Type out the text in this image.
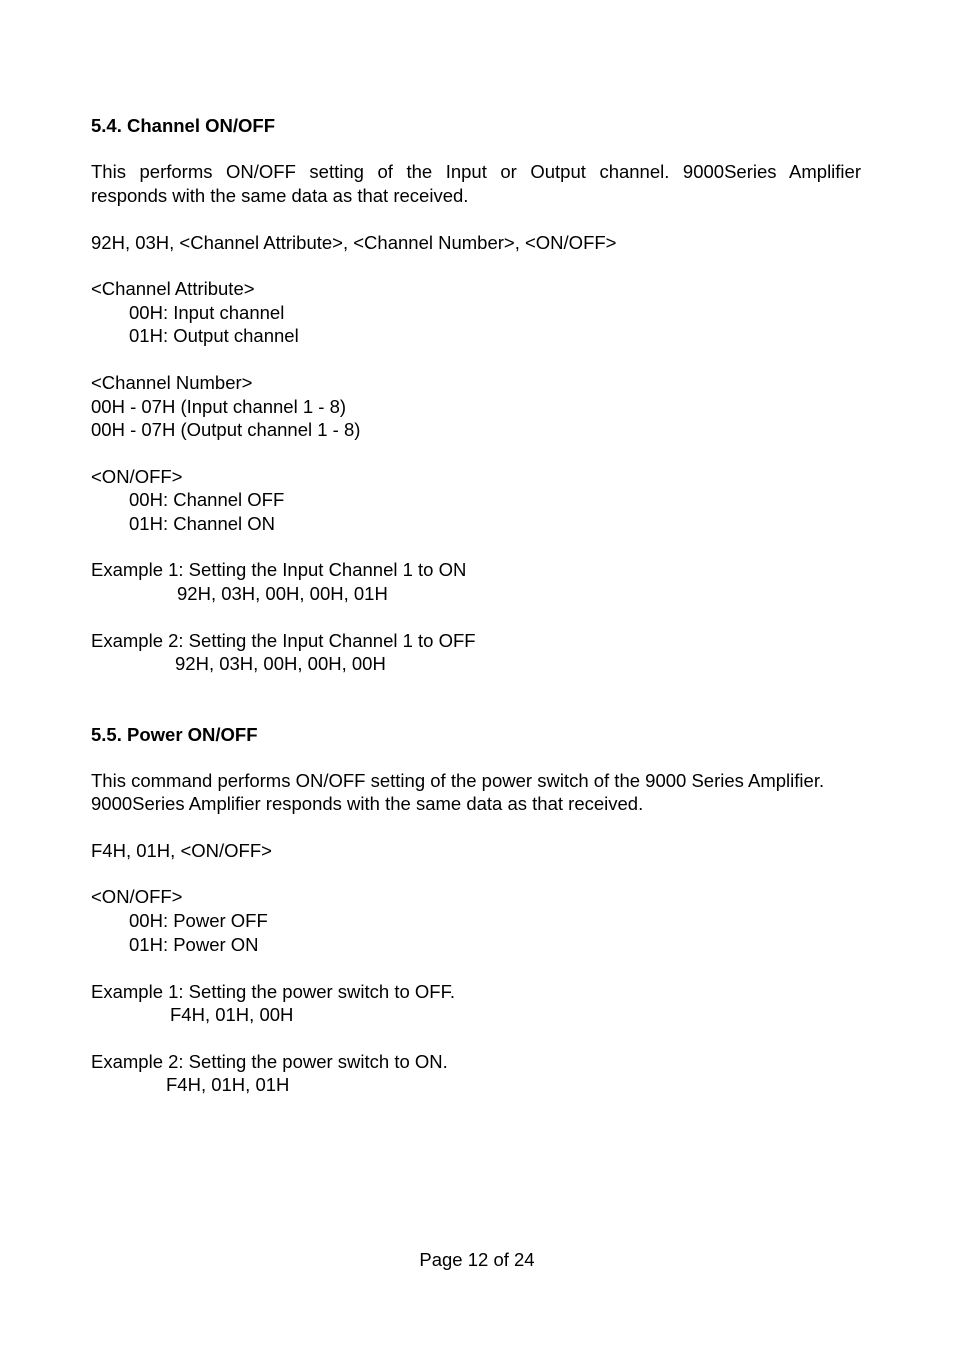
5.4. Channel ON/OFF
This performs ON/OFF setting of the Input or Output channel. 9000Series Amplifier
responds with the same data as that received.
92H, 03H, <Channel Attribute>, <Channel Number>, <ON/OFF>
<Channel Attribute>
00H: Input channel
01H: Output channel
<Channel Number>
00H - 07H (Input channel 1 - 8)
00H - 07H (Output channel 1 - 8)
<ON/OFF>
00H: Channel OFF
01H: Channel ON
Example 1: Setting the Input Channel 1 to ON
92H, 03H, 00H, 00H, 01H
Example 2: Setting the Input Channel 1 to OFF
92H, 03H, 00H, 00H, 00H
5.5. Power ON/OFF
This command performs ON/OFF setting of the power switch of the 9000 Series Amplifier.
9000Series Amplifier responds with the same data as that received.
F4H, 01H, <ON/OFF>
<ON/OFF>
00H: Power OFF
01H: Power ON
Example 1: Setting the power switch to OFF.
F4H, 01H, 00H
Example 2: Setting the power switch to ON.
F4H, 01H, 01H
Page 12 of 24
